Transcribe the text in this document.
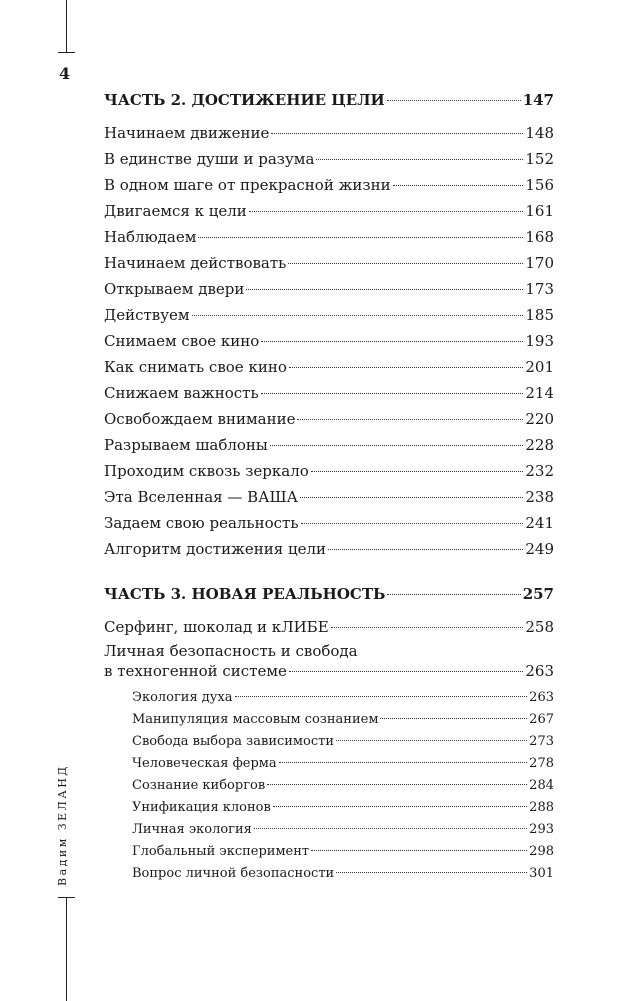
4
Вадим ЗЕЛАНД
ЧАСТЬ 2. ДОСТИЖЕНИЕ ЦЕЛИ	147
Начинаем движение	148
В единстве души и разума	152
В одном шаге от прекрасной жизни	156
Двигаемся к цели	161
Наблюдаем	168
Начинаем действовать	170
Открываем двери	173
Действуем	185
Снимаем свое кино	193
Как снимать свое кино	201
Снижаем важность	214
Освобождаем внимание	220
Разрываем шаблоны	228
Проходим сквозь зеркало	232
Эта Вселенная — ВАША	238
Задаем свою реальность	241
Алгоритм достижения цели	249
ЧАСТЬ 3. НОВАЯ РЕАЛЬНОСТЬ	257
Серфинг, шоколад и кЛИБЕ	258
Личная безопасность и свобода
в техногенной системе	263
Экология духа	263
Манипуляция массовым сознанием	267
Свобода выбора зависимости	273
Человеческая ферма	278
Сознание киборгов	284
Унификация клонов	288
Личная экология	293
Глобальный эксперимент	298
Вопрос личной безопасности	301
